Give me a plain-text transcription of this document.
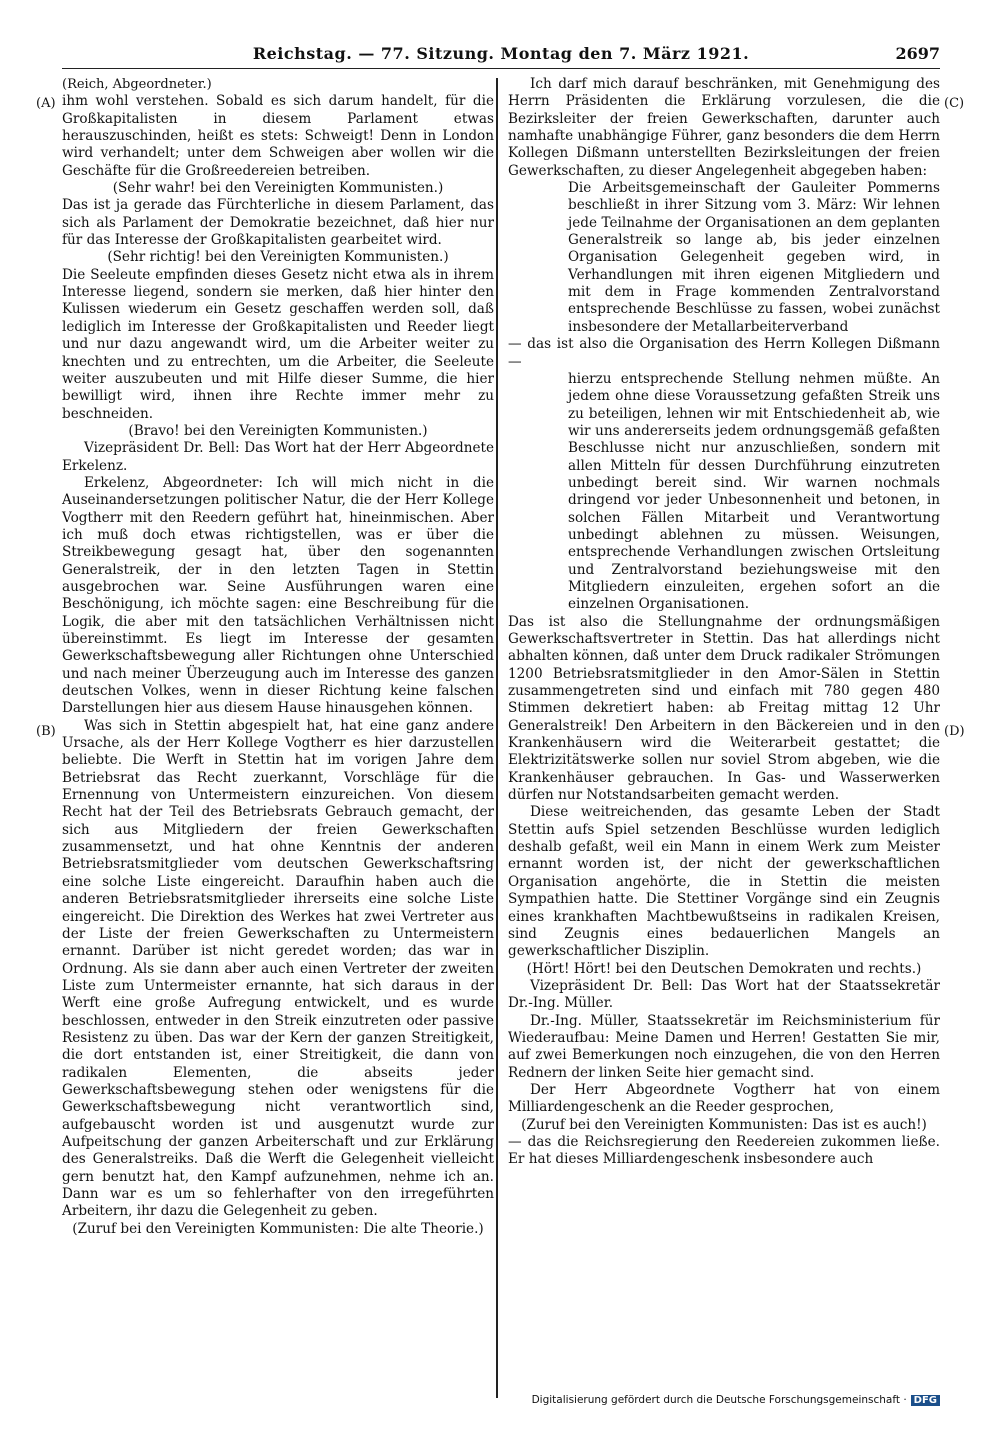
Reichstag. — 77. Sitzung. Montag den 7. März 1921.	2697
(A)
(B)
(C)
(D)

(Reich, Abgeordneter.)

ihm wohl verstehen. Sobald es sich darum handelt, für die Großkapitalisten in diesem Parlament etwas herauszuschinden, heißt es stets: Schweigt! Denn in London wird verhandelt; unter dem Schweigen aber wollen wir die Geschäfte für die Großreedereien betreiben.

(Sehr wahr! bei den Vereinigten Kommunisten.)

Das ist ja gerade das Fürchterliche in diesem Parlament, das sich als Parlament der Demokratie bezeichnet, daß hier nur für das Interesse der Großkapitalisten gearbeitet wird.

(Sehr richtig! bei den Vereinigten Kommunisten.)

Die Seeleute empfinden dieses Gesetz nicht etwa als in ihrem Interesse liegend, sondern sie merken, daß hier hinter den Kulissen wiederum ein Gesetz geschaffen werden soll, daß lediglich im Interesse der Großkapitalisten und Reeder liegt und nur dazu angewandt wird, um die Arbeiter weiter zu knechten und zu entrechten, um die Arbeiter, die Seeleute weiter auszubeuten und mit Hilfe dieser Summe, die hier bewilligt wird, ihnen ihre Rechte immer mehr zu beschneiden.

(Bravo! bei den Vereinigten Kommunisten.)

Vizepräsident Dr. Bell: Das Wort hat der Herr Abgeordnete Erkelenz.

Erkelenz, Abgeordneter: Ich will mich nicht in die Auseinandersetzungen politischer Natur, die der Herr Kollege Vogtherr mit den Reedern geführt hat, hineinmischen. Aber ich muß doch etwas richtigstellen, was er über die Streikbewegung gesagt hat, über den sogenannten Generalstreik, der in den letzten Tagen in Stettin ausgebrochen war. Seine Ausführungen waren eine Beschönigung, ich möchte sagen: eine Beschreibung für die Logik, die aber mit den tatsächlichen Verhältnissen nicht übereinstimmt. Es liegt im Interesse der gesamten Gewerkschaftsbewegung aller Richtungen ohne Unterschied und nach meiner Überzeugung auch im Interesse des ganzen deutschen Volkes, wenn in dieser Richtung keine falschen Darstellungen hier aus diesem Hause hinausgehen können.

Was sich in Stettin abgespielt hat, hat eine ganz andere Ursache, als der Herr Kollege Vogtherr es hier darzustellen beliebte. Die Werft in Stettin hat im vorigen Jahre dem Betriebsrat das Recht zuerkannt, Vorschläge für die Ernennung von Untermeistern einzureichen. Von diesem Recht hat der Teil des Betriebsrats Gebrauch gemacht, der sich aus Mitgliedern der freien Gewerkschaften zusammensetzt, und hat ohne Kenntnis der anderen Betriebsratsmitglieder vom deutschen Gewerkschaftsring eine solche Liste eingereicht. Daraufhin haben auch die anderen Betriebsratsmitglieder ihrerseits eine solche Liste eingereicht. Die Direktion des Werkes hat zwei Vertreter aus der Liste der freien Gewerkschaften zu Untermeistern ernannt. Darüber ist nicht geredet worden; das war in Ordnung. Als sie dann aber auch einen Vertreter der zweiten Liste zum Untermeister ernannte, hat sich daraus in der Werft eine große Aufregung entwickelt, und es wurde beschlossen, entweder in den Streik einzutreten oder passive Resistenz zu üben. Das war der Kern der ganzen Streitigkeit, die dort entstanden ist, einer Streitigkeit, die dann von radikalen Elementen, die abseits jeder Gewerkschaftsbewegung stehen oder wenigstens für die Gewerkschaftsbewegung nicht verantwortlich sind, aufgebauscht worden ist und ausgenutzt wurde zur Aufpeitschung der ganzen Arbeiterschaft und zur Erklärung des Generalstreiks. Daß die Werft die Gelegenheit vielleicht gern benutzt hat, den Kampf aufzunehmen, nehme ich an. Dann war es um so fehlerhafter von den irregeführten Arbeitern, ihr dazu die Gelegenheit zu geben.

(Zuruf bei den Vereinigten Kommunisten: Die alte Theorie.)

Ich darf mich darauf beschränken, mit Genehmigung des Herrn Präsidenten die Erklärung vorzulesen, die die Bezirksleiter der freien Gewerkschaften, darunter auch namhafte unabhängige Führer, ganz besonders die dem Herrn Kollegen Dißmann unterstellten Bezirksleitungen der freien Gewerkschaften, zu dieser Angelegenheit abgegeben haben:

Die Arbeitsgemeinschaft der Gauleiter Pommerns beschließt in ihrer Sitzung vom 3. März: Wir lehnen jede Teilnahme der Organisationen an dem geplanten Generalstreik so lange ab, bis jeder einzelnen Organisation Gelegenheit gegeben wird, in Verhandlungen mit ihren eigenen Mitgliedern und mit dem in Frage kommenden Zentralvorstand entsprechende Beschlüsse zu fassen, wobei zunächst insbesondere der Metallarbeiterverband

— das ist also die Organisation des Herrn Kollegen Dißmann —

hierzu entsprechende Stellung nehmen müßte. An jedem ohne diese Voraussetzung gefaßten Streik uns zu beteiligen, lehnen wir mit Entschiedenheit ab, wie wir uns andererseits jedem ordnungsgemäß gefaßten Beschlusse nicht nur anzuschließen, sondern mit allen Mitteln für dessen Durchführung einzutreten unbedingt bereit sind. Wir warnen nochmals dringend vor jeder Unbesonnenheit und betonen, in solchen Fällen Mitarbeit und Verantwortung unbedingt ablehnen zu müssen. Weisungen, entsprechende Verhandlungen zwischen Ortsleitung und Zentralvorstand beziehungsweise mit den Mitgliedern einzuleiten, ergehen sofort an die einzelnen Organisationen.

Das ist also die Stellungnahme der ordnungsmäßigen Gewerkschaftsvertreter in Stettin. Das hat allerdings nicht abhalten können, daß unter dem Druck radikaler Strömungen 1200 Betriebsratsmitglieder in den Amor-Sälen in Stettin zusammengetreten sind und einfach mit 780 gegen 480 Stimmen dekretiert haben: ab Freitag mittag 12 Uhr Generalstreik! Den Arbeitern in den Bäckereien und in den Krankenhäusern wird die Weiterarbeit gestattet; die Elektrizitätswerke sollen nur soviel Strom abgeben, wie die Krankenhäuser gebrauchen. In Gas- und Wasserwerken dürfen nur Notstandsarbeiten gemacht werden.

Diese weitreichenden, das gesamte Leben der Stadt Stettin aufs Spiel setzenden Beschlüsse wurden lediglich deshalb gefaßt, weil ein Mann in einem Werk zum Meister ernannt worden ist, der nicht der gewerkschaftlichen Organisation angehörte, die in Stettin die meisten Sympathien hatte. Die Stettiner Vorgänge sind ein Zeugnis eines krankhaften Machtbewußtseins in radikalen Kreisen, sind Zeugnis eines bedauerlichen Mangels an gewerkschaftlicher Disziplin.

(Hört! Hört! bei den Deutschen Demokraten und rechts.)

Vizepräsident Dr. Bell: Das Wort hat der Staatssekretär Dr.-Ing. Müller.

Dr.-Ing. Müller, Staatssekretär im Reichsministerium für Wiederaufbau: Meine Damen und Herren! Gestatten Sie mir, auf zwei Bemerkungen noch einzugehen, die von den Herren Rednern der linken Seite hier gemacht sind.

Der Herr Abgeordnete Vogtherr hat von einem Milliardengeschenk an die Reeder gesprochen,

(Zuruf bei den Vereinigten Kommunisten: Das ist es auch!)

— das die Reichsregierung den Reedereien zukommen ließe. Er hat dieses Milliardengeschenk insbesondere auch

Digitalisierung gefördert durch die Deutsche Forschungsgemeinschaft · DFG
